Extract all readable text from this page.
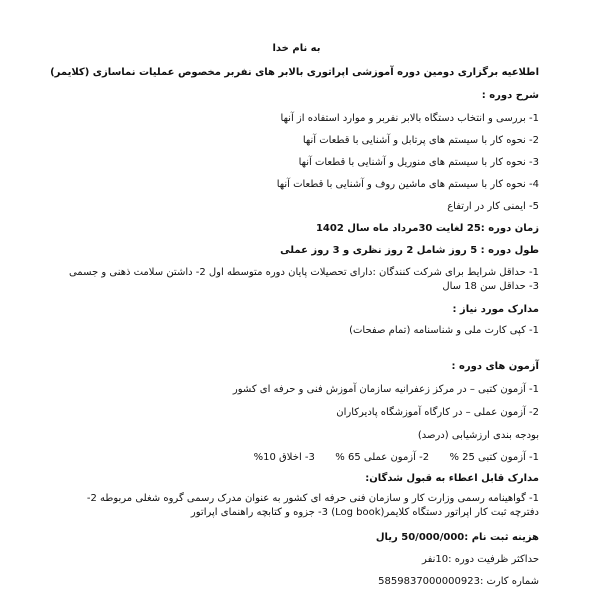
به نام خدا
اطلاعیه برگزاری دومین دوره آموزشی اپراتوری بالابر های نفربر مخصوص عملیات نماسازی (کلایمر)
شرح دوره :
1- بررسی و انتخاب دستگاه بالابر نفربر و موارد استفاده از آنها
2- نحوه کار با سیستم های پرتابل و آشنایی با قطعات آنها
3- نحوه کار با سیستم های منوریل و آشنایی با قطعات آنها
4- نحوه کار با سیستم های ماشین روف و آشنایی با قطعات آنها
5- ایمنی کار در ارتفاع
زمان دوره :25 لغایت 30مرداد ماه سال 1402
طول دوره : 5 روز شامل 2 روز نظری و 3 روز عملی
1- حداقل شرایط برای شرکت کنندگان :دارای تحصیلات پایان دوره متوسطه اول 2- داشتن سلامت ذهنی و جسمی 3- حداقل سن 18 سال
مدارک مورد نیاز :
1- کپی کارت ملی و شناسنامه (تمام صفحات)
آزمون های دوره :
1- آزمون کتبی – در مرکز زعفرانیه سازمان آموزش فنی و حرفه ای کشور
2- آزمون عملی – در کارگاه آموزشگاه پادیرکاران
بودجه بندی ارزشیابی (درصد)
1- آزمون کتبی 25 %  2- آزمون عملی 65 %  3- اخلاق 10%
مدارک قابل اعطاء به قبول شدگان:
1- گواهینامه رسمی وزارت کار و سازمان فنی حرفه ای کشور به عنوان مدرک رسمی گروه شغلی مربوطه 2- دفترچه ثبت کار اپراتور دستگاه کلایمر(Log book) 3- جزوه و کتابچه راهنمای اپراتور
هزینه ثبت نام :50/000/000 ریال
حداکثر ظرفیت دوره :10نفر
شماره کارت :5859837000000923
